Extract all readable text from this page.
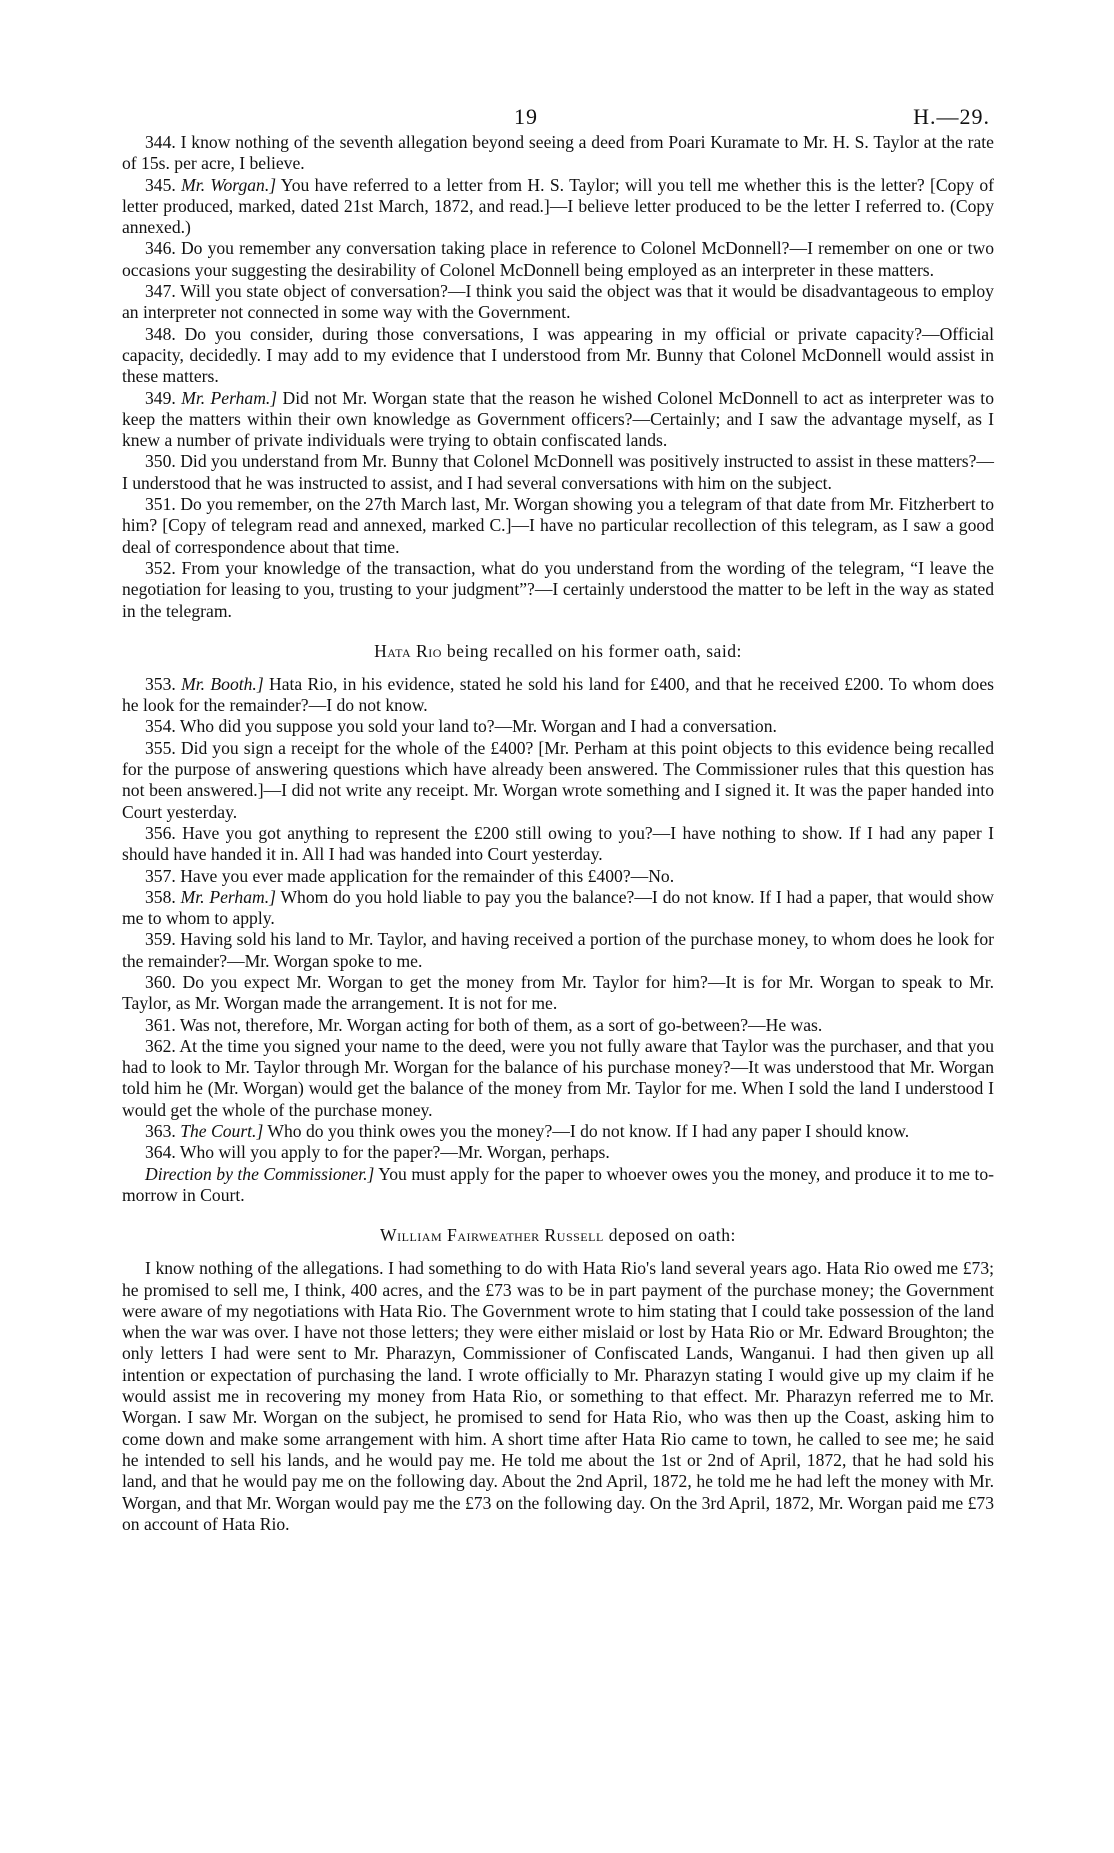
19	H.—29.

344. I know nothing of the seventh allegation beyond seeing a deed from Poari Kuramate to Mr. H. S. Taylor at the rate of 15s. per acre, I believe.

345. Mr. Worgan.] You have referred to a letter from H. S. Taylor; will you tell me whether this is the letter? [Copy of letter produced, marked, dated 21st March, 1872, and read.]—I believe letter produced to be the letter I referred to. (Copy annexed.)

346. Do you remember any conversation taking place in reference to Colonel McDonnell?—I remember on one or two occasions your suggesting the desirability of Colonel McDonnell being employed as an interpreter in these matters.

347. Will you state object of conversation?—I think you said the object was that it would be disadvantageous to employ an interpreter not connected in some way with the Government.

348. Do you consider, during those conversations, I was appearing in my official or private capacity?—Official capacity, decidedly. I may add to my evidence that I understood from Mr. Bunny that Colonel McDonnell would assist in these matters.

349. Mr. Perham.] Did not Mr. Worgan state that the reason he wished Colonel McDonnell to act as interpreter was to keep the matters within their own knowledge as Government officers?—Certainly; and I saw the advantage myself, as I knew a number of private individuals were trying to obtain confiscated lands.

350. Did you understand from Mr. Bunny that Colonel McDonnell was positively instructed to assist in these matters?—I understood that he was instructed to assist, and I had several conversations with him on the subject.

351. Do you remember, on the 27th March last, Mr. Worgan showing you a telegram of that date from Mr. Fitzherbert to him? [Copy of telegram read and annexed, marked C.]—I have no particular recollection of this telegram, as I saw a good deal of correspondence about that time.

352. From your knowledge of the transaction, what do you understand from the wording of the telegram, “I leave the negotiation for leasing to you, trusting to your judgment”?—I certainly understood the matter to be left in the way as stated in the telegram.

Hata Rio being recalled on his former oath, said:

353. Mr. Booth.] Hata Rio, in his evidence, stated he sold his land for £400, and that he received £200. To whom does he look for the remainder?—I do not know.

354. Who did you suppose you sold your land to?—Mr. Worgan and I had a conversation.

355. Did you sign a receipt for the whole of the £400? [Mr. Perham at this point objects to this evidence being recalled for the purpose of answering questions which have already been answered. The Commissioner rules that this question has not been answered.]—I did not write any receipt. Mr. Worgan wrote something and I signed it. It was the paper handed into Court yesterday.

356. Have you got anything to represent the £200 still owing to you?—I have nothing to show. If I had any paper I should have handed it in. All I had was handed into Court yesterday.

357. Have you ever made application for the remainder of this £400?—No.

358. Mr. Perham.] Whom do you hold liable to pay you the balance?—I do not know. If I had a paper, that would show me to whom to apply.

359. Having sold his land to Mr. Taylor, and having received a portion of the purchase money, to whom does he look for the remainder?—Mr. Worgan spoke to me.

360. Do you expect Mr. Worgan to get the money from Mr. Taylor for him?—It is for Mr. Worgan to speak to Mr. Taylor, as Mr. Worgan made the arrangement. It is not for me.

361. Was not, therefore, Mr. Worgan acting for both of them, as a sort of go-between?—He was.

362. At the time you signed your name to the deed, were you not fully aware that Taylor was the purchaser, and that you had to look to Mr. Taylor through Mr. Worgan for the balance of his purchase money?—It was understood that Mr. Worgan told him he (Mr. Worgan) would get the balance of the money from Mr. Taylor for me. When I sold the land I understood I would get the whole of the purchase money.

363. The Court.] Who do you think owes you the money?—I do not know. If I had any paper I should know.

364. Who will you apply to for the paper?—Mr. Worgan, perhaps.

Direction by the Commissioner.] You must apply for the paper to whoever owes you the money, and produce it to me to-morrow in Court.

William Fairweather Russell deposed on oath:

I know nothing of the allegations. I had something to do with Hata Rio's land several years ago. Hata Rio owed me £73; he promised to sell me, I think, 400 acres, and the £73 was to be in part payment of the purchase money; the Government were aware of my negotiations with Hata Rio. The Government wrote to him stating that I could take possession of the land when the war was over. I have not those letters; they were either mislaid or lost by Hata Rio or Mr. Edward Broughton; the only letters I had were sent to Mr. Pharazyn, Commissioner of Confiscated Lands, Wanganui. I had then given up all intention or expectation of purchasing the land. I wrote officially to Mr. Pharazyn stating I would give up my claim if he would assist me in recovering my money from Hata Rio, or something to that effect. Mr. Pharazyn referred me to Mr. Worgan. I saw Mr. Worgan on the subject, he promised to send for Hata Rio, who was then up the Coast, asking him to come down and make some arrangement with him. A short time after Hata Rio came to town, he called to see me; he said he intended to sell his lands, and he would pay me. He told me about the 1st or 2nd of April, 1872, that he had sold his land, and that he would pay me on the following day. About the 2nd April, 1872, he told me he had left the money with Mr. Worgan, and that Mr. Worgan would pay me the £73 on the following day. On the 3rd April, 1872, Mr. Worgan paid me £73 on account of Hata Rio.
